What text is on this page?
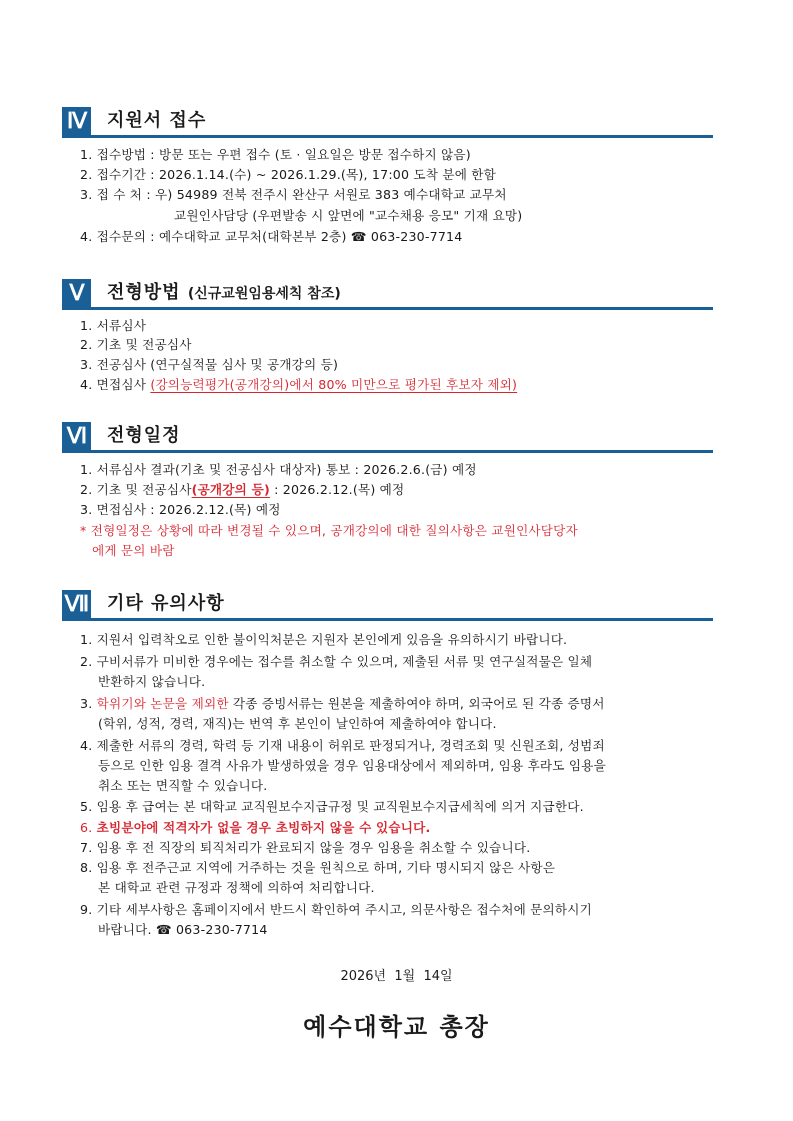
Ⅳ 지원서 접수
1. 접수방법 : 방문 또는 우편 접수 (토 · 일요일은 방문 접수하지 않음)
2. 접수기간 : 2026.1.14.(수) ~ 2026.1.29.(목), 17:00 도착 분에 한함
3. 접 수 처 : 우) 54989 전북 전주시 완산구 서원로 383 예수대학교 교무처
교원인사담당 (우편발송 시 앞면에 "교수채용 응모" 기재 요망)
4. 접수문의 : 예수대학교 교무처(대학본부 2층) ☎ 063-230-7714
Ⅴ	전형방법 (신규교원임용세칙 참조)
1. 서류심사
2. 기초 및 전공심사
3. 전공심사 (연구실적물 심사 및 공개강의 등)
4. 면접심사 (강의능력평가(공개강의)에서 80% 미만으로 평가된 후보자 제외)
Ⅵ 전형일정
1. 서류심사 결과(기초 및 전공심사 대상자) 통보 : 2026.2.6.(금) 예정
2. 기초 및 전공심사(공개강의 등) : 2026.2.12.(목) 예정
3. 면접심사 : 2026.2.12.(목) 예정
* 전형일정은 상황에 따라 변경될 수 있으며, 공개강의에 대한 질의사항은 교원인사담당자
에게 문의 바람
Ⅶ 기타 유의사항
1. 지원서 입력착오로 인한 불이익처분은 지원자 본인에게 있음을 유의하시기 바랍니다.
2. 구비서류가 미비한 경우에는 접수를 취소할 수 있으며, 제출된 서류 및 연구실적물은 일체
반환하지 않습니다.
3. 학위기와 논문을 제외한 각종 증빙서류는 원본을 제출하여야 하며, 외국어로 된 각종 증명서
(학위, 성적, 경력, 재직)는 번역 후 본인이 날인하여 제출하여야 합니다.
4. 제출한 서류의 경력, 학력 등 기재 내용이 허위로 판정되거나, 경력조회 및 신원조회, 성범죄
등으로 인한 임용 결격 사유가 발생하였을 경우 임용대상에서 제외하며, 임용 후라도 임용을
취소 또는 면직할 수 있습니다.
5. 임용 후 급여는 본 대학교 교직원보수지급규정 및 교직원보수지급세칙에 의거 지급한다.
6. 초빙분야에 적격자가 없을 경우 초빙하지 않을 수 있습니다.
7. 임용 후 전 직장의 퇴직처리가 완료되지 않을 경우 임용을 취소할 수 있습니다.
8. 임용 후 전주근교 지역에 거주하는 것을 원칙으로 하며, 기타 명시되지 않은 사항은
본 대학교 관련 규정과 정책에 의하여 처리합니다.
9. 기타 세부사항은 홈페이지에서 반드시 확인하여 주시고, 의문사항은 접수처에 문의하시기
바랍니다. ☎ 063-230-7714
2026년  1월  14일
예수대학교 총장
